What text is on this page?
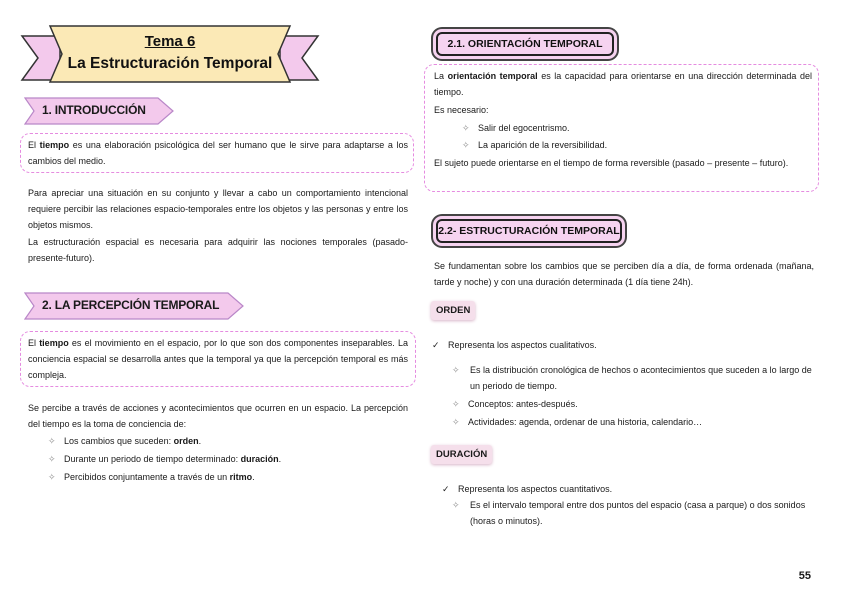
Tema 6
La Estructuración Temporal
1. INTRODUCCIÓN
El tiempo es una elaboración psicológica del ser humano que le sirve para adaptarse a los cambios del medio.
Para apreciar una situación en su conjunto y llevar a cabo un comportamiento intencional requiere percibir las relaciones espacio-temporales entre los objetos y las personas y entre los objetos mismos.
La estructuración espacial es necesaria para adquirir las nociones temporales (pasado-presente-futuro).
2. LA PERCEPCIÓN TEMPORAL
El tiempo es el movimiento en el espacio, por lo que son dos componentes inseparables. La conciencia espacial se desarrolla antes que la temporal ya que la percepción temporal es más compleja.
Se percibe a través de acciones y acontecimientos que ocurren en un espacio. La percepción del tiempo es la toma de conciencia de:
✧ Los cambios que suceden: orden.
✧ Durante un periodo de tiempo determinado: duración.
✧ Percibidos conjuntamente a través de un ritmo.
2.1. ORIENTACIÓN TEMPORAL
La orientación temporal es la capacidad para orientarse en una dirección determinada del tiempo.
Es necesario:
✧ Salir del egocentrismo.
✧ La aparición de la reversibilidad.
El sujeto puede orientarse en el tiempo de forma reversible (pasado – presente – futuro).
2.2- ESTRUCTURACIÓN TEMPORAL
Se fundamentan sobre los cambios que se perciben día a día, de forma ordenada (mañana, tarde y noche) y con una duración determinada (1 día tiene 24h).
ORDEN
✓ Representa los aspectos cualitativos.
✧	Es la distribución cronológica de hechos o acontecimientos que suceden a lo largo de un periodo de tiempo.
✧ Conceptos: antes-después.
✧ Actividades: agenda, ordenar de una historia, calendario…
DURACIÓN
✓ Representa los aspectos cuantitativos.
✧	Es el intervalo temporal entre dos puntos del espacio (casa a parque) o dos sonidos (horas o minutos).
55
